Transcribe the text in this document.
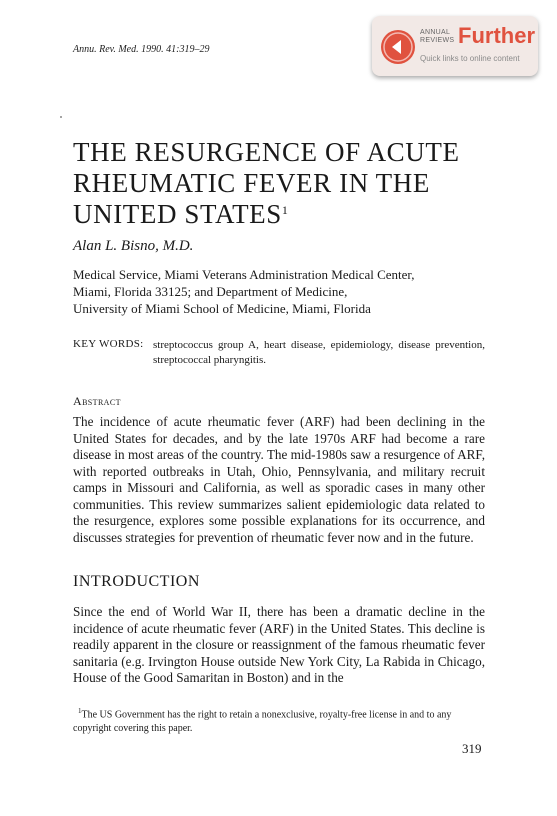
Annu. Rev. Med. 1990. 41:319–29
ANNUAL
REVIEWS Further
Quick links to online content
THE RESURGENCE OF ACUTE
RHEUMATIC FEVER IN THE
UNITED STATES$^1$
Alan L. Bisno, M.D.
Medical Service, Miami Veterans Administration Medical Center,
Miami, Florida 33125; and Department of Medicine,
University of Miami School of Medicine, Miami, Florida
KEY WORDS: streptococcus group A, heart disease, epidemiology, disease prevention, streptococcal pharyngitis.
Abstract
The incidence of acute rheumatic fever (ARF) had been declining in the United States for decades, and by the late 1970s ARF had become a rare disease in most areas of the country. The mid-1980s saw a resurgence of ARF, with reported outbreaks in Utah, Ohio, Pennsylvania, and military recruit camps in Missouri and California, as well as sporadic cases in many other communities. This review summarizes salient epidemiologic data related to the resurgence, explores some possible explanations for its occurrence, and discusses strategies for prevention of rheumatic fever now and in the future.
INTRODUCTION
Since the end of World War II, there has been a dramatic decline in the incidence of acute rheumatic fever (ARF) in the United States. This decline is readily apparent in the closure or reassignment of the famous rheumatic fever sanitaria (e.g. Irvington House outside New York City, La Rabida in Chicago, House of the Good Samaritan in Boston) and in the
$^1$The US Government has the right to retain a nonexclusive, royalty-free license in and to any copyright covering this paper.
319
